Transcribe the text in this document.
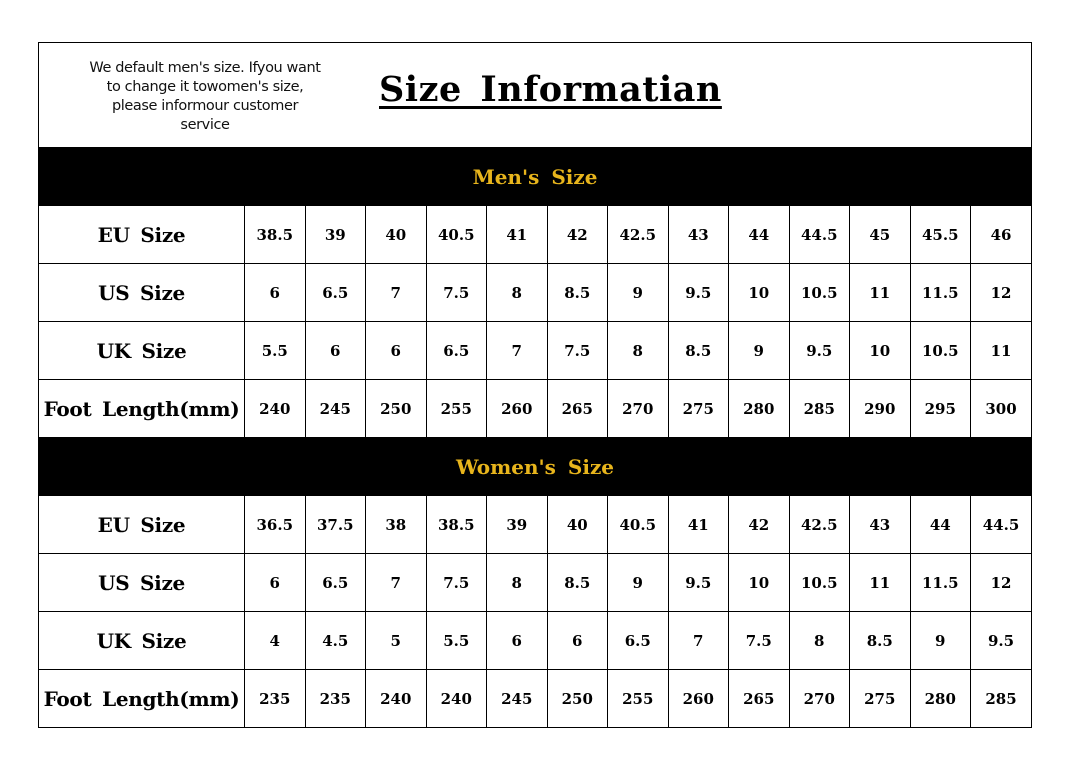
We default men's size. Ifyou want to change it towomen's size, please informour customer service
Size Informatian
Men's Size
EU Size	38.5	39	40	40.5	41	42	42.5	43	44	44.5	45	45.5	46
US Size	6	6.5	7	7.5	8	8.5	9	9.5	10	10.5	11	11.5	12
UK Size	5.5	6	6	6.5	7	7.5	8	8.5	9	9.5	10	10.5	11
Foot Length(mm)	240	245	250	255	260	265	270	275	280	285	290	295	300
Women's Size
EU Size	36.5	37.5	38	38.5	39	40	40.5	41	42	42.5	43	44	44.5
US Size	6	6.5	7	7.5	8	8.5	9	9.5	10	10.5	11	11.5	12
UK Size	4	4.5	5	5.5	6	6	6.5	7	7.5	8	8.5	9	9.5
Foot Length(mm)	235	235	240	240	245	250	255	260	265	270	275	280	285
